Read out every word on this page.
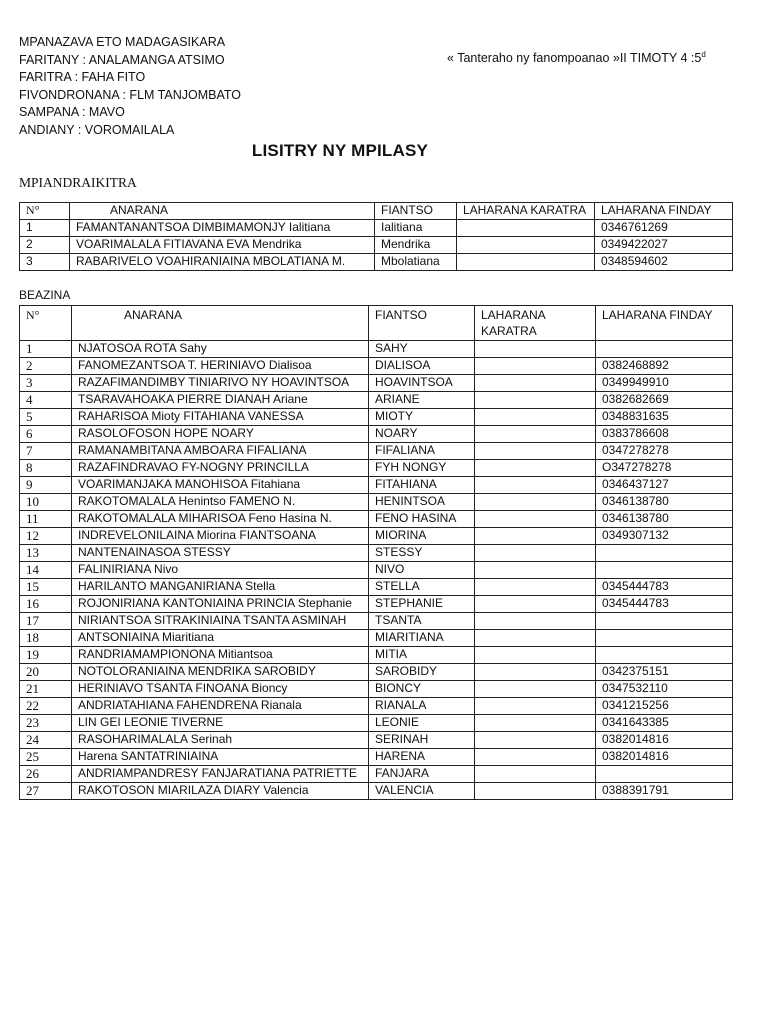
MPANAZAVA ETO MADAGASIKARA
FARITANY : ANALAMANGA ATSIMO
FARITRA : FAHA FITO
FIVONDRONANA : FLM TANJOMBATO
SAMPANA : MAVO
ANDIANY : VOROMAILALA
« Tanteraho ny fanompoanao »II TIMOTY 4 :5$^d$
LISITRY NY MPILASY
MPIANDRAIKITRA
N°	ANARANA	FIANTSO	LAHARANA KARATRA	LAHARANA FINDAY
1	FAMANTANANTSOA DIMBIMAMONJY Ialitiana	Ialitiana		0346761269
2	VOARIMALALA FITIAVANA EVA Mendrika	Mendrika		0349422027
3	RABARIVELO VOAHIRANIAINA MBOLATIANA M.	Mbolatiana		0348594602
BEAZINA
N°	ANARANA	FIANTSO	LAHARANA KARATRA	LAHARANA FINDAY
1	NJATOSOA ROTA Sahy	SAHY		
2	FANOMEZANTSOA T. HERINIAVO Dialisoa	DIALISOA		0382468892
3	RAZAFIMANDIMBY TINIARIVO NY HOAVINTSOA	HOAVINTSOA		0349949910
4	TSARAVAHOAKA PIERRE DIANAH Ariane	ARIANE		0382682669
5	RAHARISOA Mioty FITAHIANA VANESSA	MIOTY		0348831635
6	RASOLOFOSON HOPE NOARY	NOARY		0383786608
7	RAMANAMBITANA AMBOARA FIFALIANA	FIFALIANA		0347278278
8	RAZAFINDRAVAO FY-NOGNY PRINCILLA	FYH NONGY		O347278278
9	VOARIMANJAKA MANOHISOA Fitahiana	FITAHIANA		0346437127
10	RAKOTOMALALA Henintso FAMENO N.	HENINTSOA		0346138780
11	RAKOTOMALALA MIHARISOA Feno Hasina N.	FENO HASINA		0346138780
12	INDREVELONILAINA Miorina FIANTSOANA	MIORINA		0349307132
13	NANTENAINASOA STESSY	STESSY		
14	FALINIRIANA Nivo	NIVO		
15	HARILANTO MANGANIRIANA Stella	STELLA		0345444783
16	ROJONIRIANA KANTONIAINA PRINCIA Stephanie	STEPHANIE		0345444783
17	NIRIANTSOA SITRAKINIAINA TSANTA ASMINAH	TSANTA		
18	ANTSONIAINA Miaritiana	MIARITIANA		
19	RANDRIAMAMPIONONA Mitiantsoa	MITIA		
20	NOTOLORANIAINA MENDRIKA SAROBIDY	SAROBIDY		0342375151
21	HERINIAVO TSANTA FINOANA Bioncy	BIONCY		0347532110
22	ANDRIATAHIANA FAHENDRENA Rianala	RIANALA		0341215256
23	LIN GEI LEONIE TIVERNE	LEONIE		0341643385
24	RASOHARIMALALA Serinah	SERINAH		0382014816
25	Harena SANTATRINIAINA	HARENA		0382014816
26	ANDRIAMPANDRESY FANJARATIANA PATRIETTE	FANJARA		
27	RAKOTOSON MIARILAZA DIARY Valencia	VALENCIA		0388391791
